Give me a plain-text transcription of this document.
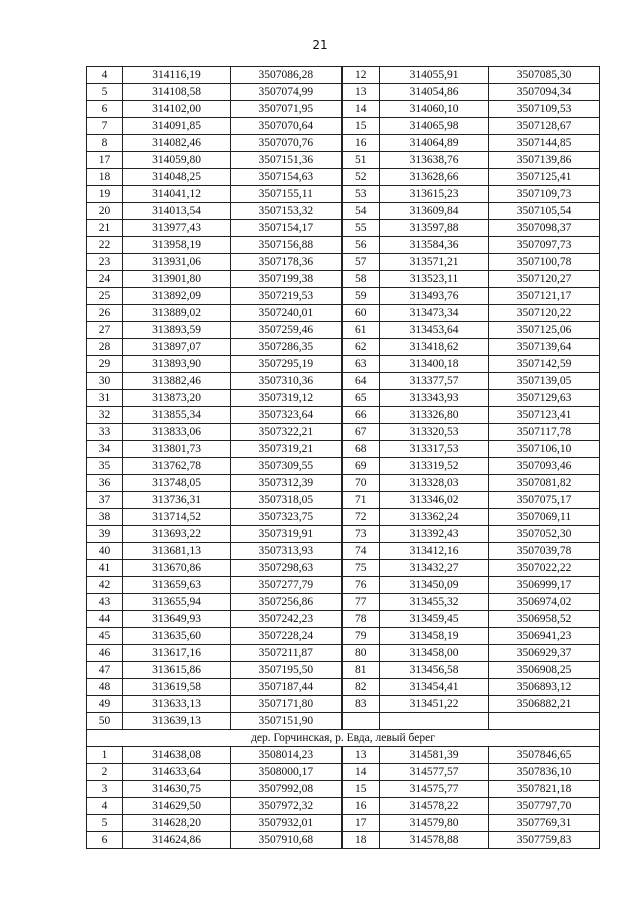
21
4	314116,19	3507086,28	12	314055,91	3507085,30
5	314108,58	3507074,99	13	314054,86	3507094,34
6	314102,00	3507071,95	14	314060,10	3507109,53
7	314091,85	3507070,64	15	314065,98	3507128,67
8	314082,46	3507070,76	16	314064,89	3507144,85
17	314059,80	3507151,36	51	313638,76	3507139,86
18	314048,25	3507154,63	52	313628,66	3507125,41
19	314041,12	3507155,11	53	313615,23	3507109,73
20	314013,54	3507153,32	54	313609,84	3507105,54
21	313977,43	3507154,17	55	313597,88	3507098,37
22	313958,19	3507156,88	56	313584,36	3507097,73
23	313931,06	3507178,36	57	313571,21	3507100,78
24	313901,80	3507199,38	58	313523,11	3507120,27
25	313892,09	3507219,53	59	313493,76	3507121,17
26	313889,02	3507240,01	60	313473,34	3507120,22
27	313893,59	3507259,46	61	313453,64	3507125,06
28	313897,07	3507286,35	62	313418,62	3507139,64
29	313893,90	3507295,19	63	313400,18	3507142,59
30	313882,46	3507310,36	64	313377,57	3507139,05
31	313873,20	3507319,12	65	313343,93	3507129,63
32	313855,34	3507323,64	66	313326,80	3507123,41
33	313833,06	3507322,21	67	313320,53	3507117,78
34	313801,73	3507319,21	68	313317,53	3507106,10
35	313762,78	3507309,55	69	313319,52	3507093,46
36	313748,05	3507312,39	70	313328,03	3507081,82
37	313736,31	3507318,05	71	313346,02	3507075,17
38	313714,52	3507323,75	72	313362,24	3507069,11
39	313693,22	3507319,91	73	313392,43	3507052,30
40	313681,13	3507313,93	74	313412,16	3507039,78
41	313670,86	3507298,63	75	313432,27	3507022,22
42	313659,63	3507277,79	76	313450,09	3506999,17
43	313655,94	3507256,86	77	313455,32	3506974,02
44	313649,93	3507242,23	78	313459,45	3506958,52
45	313635,60	3507228,24	79	313458,19	3506941,23
46	313617,16	3507211,87	80	313458,00	3506929,37
47	313615,86	3507195,50	81	313456,58	3506908,25
48	313619,58	3507187,44	82	313454,41	3506893,12
49	313633,13	3507171,80	83	313451,22	3506882,21
50	313639,13	3507151,90			
дер. Горчинская, р. Евда, левый берег					
1	314638,08	3508014,23	13	314581,39	3507846,65
2	314633,64	3508000,17	14	314577,57	3507836,10
3	314630,75	3507992,08	15	314575,77	3507821,18
4	314629,50	3507972,32	16	314578,22	3507797,70
5	314628,20	3507932,01	17	314579,80	3507769,31
6	314624,86	3507910,68	18	314578,88	3507759,83
